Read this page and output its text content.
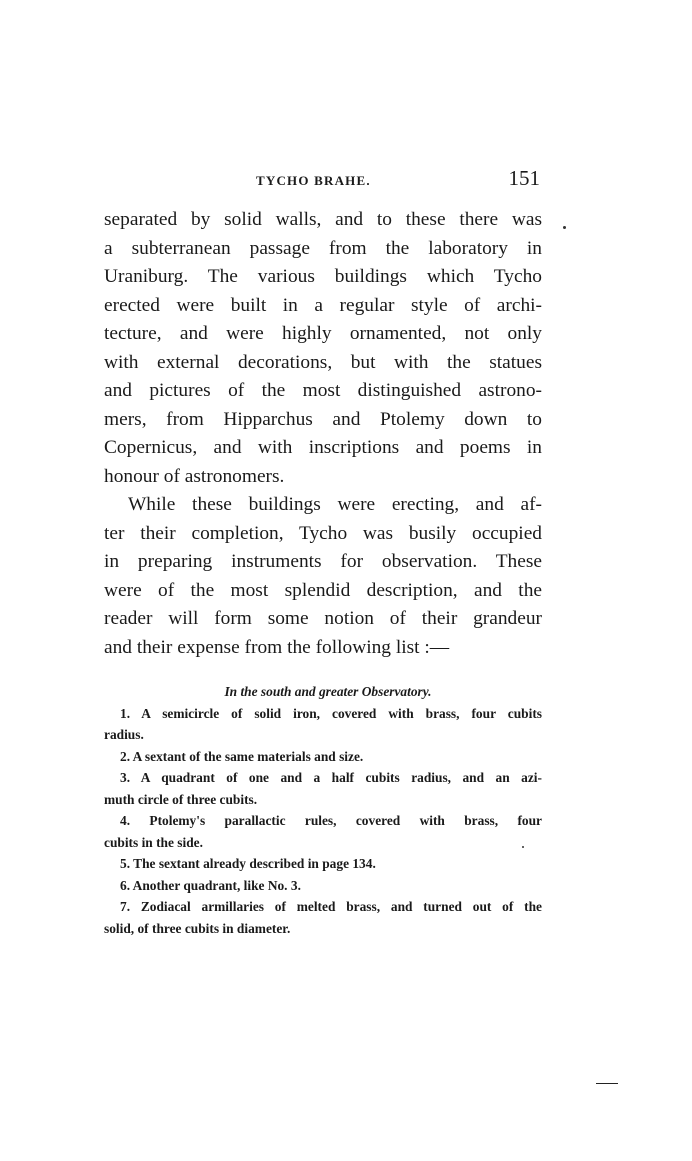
TYCHO BRAHE.	151

separated by solid walls, and to these there was
a subterranean passage from the laboratory in
Uraniburg. The various buildings which Tycho
erected were built in a regular style of archi-
tecture, and were highly ornamented, not only
with external decorations, but with the statues
and pictures of the most distinguished astrono-
mers, from Hipparchus and Ptolemy down to
Copernicus, and with inscriptions and poems in
honour of astronomers.

While these buildings were erecting, and af-
ter their completion, Tycho was busily occupied
in preparing instruments for observation. These
were of the most splendid description, and the
reader will form some notion of their grandeur
and their expense from the following list :—

In the south and greater Observatory.
1. A semicircle of solid iron, covered with brass, four cubits
radius.
2. A sextant of the same materials and size.
3. A quadrant of one and a half cubits radius, and an azi-
muth circle of three cubits.
4. Ptolemy's parallactic rules, covered with brass, four
cubits in the side.
5. The sextant already described in page 134.
6. Another quadrant, like No. 3.
7. Zodiacal armillaries of melted brass, and turned out of the
solid, of three cubits in diameter.
